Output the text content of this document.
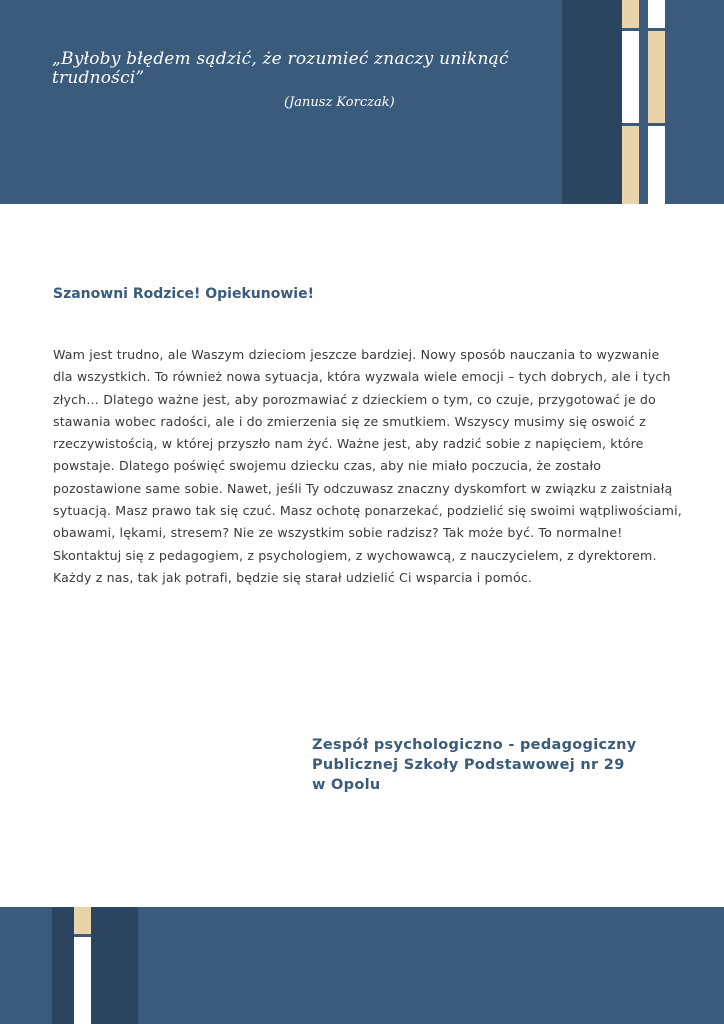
„Byłoby błędem sądzić, że rozumieć znaczy uniknąć
trudności”
(Janusz Korczak)
Szanowni Rodzice! Opiekunowie!

Wam jest trudno, ale Waszym dzieciom jeszcze bardziej. Nowy sposób nauczania to wyzwanie dla wszystkich. To również nowa sytuacja, która wyzwala wiele emocji – tych dobrych, ale i tych złych… Dlatego ważne jest, aby porozmawiać z dzieckiem o tym, co czuje, przygotować je do stawania wobec radości, ale i do zmierzenia się ze smutkiem. Wszyscy musimy się oswoić z rzeczywistością, w której przyszło nam żyć. Ważne jest, aby radzić sobie z napięciem, które powstaje. Dlatego poświęć swojemu dziecku czas, aby nie miało poczucia, że zostało pozostawione same sobie. Nawet, jeśli Ty odczuwasz znaczny dyskomfort w związku z zaistniałą sytuacją. Masz prawo tak się czuć. Masz ochotę ponarzekać, podzielić się swoimi wątpliwościami, obawami, lękami, stresem? Nie ze wszystkim sobie radzisz? Tak może być. To normalne!

Skontaktuj się z pedagogiem, z psychologiem, z wychowawcą, z nauczycielem, z dyrektorem. Każdy z nas, tak jak potrafi, będzie się starał udzielić Ci wsparcia i pomóc.

Zespół psychologiczno - pedagogiczny
Publicznej Szkoły Podstawowej nr 29
w Opolu
